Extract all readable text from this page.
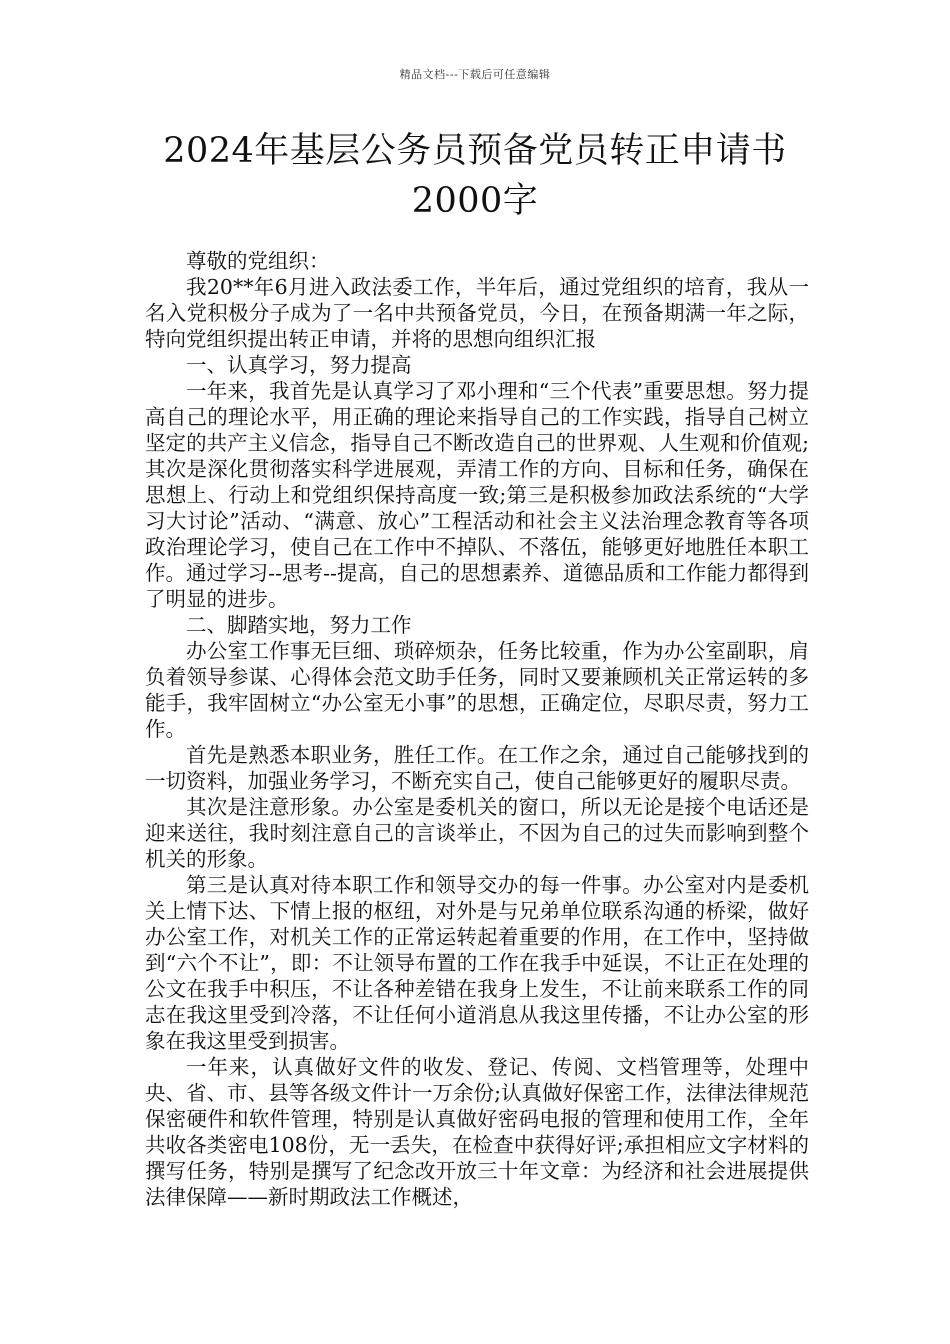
精品文档---下载后可任意编辑
2024年基层公务员预备党员转正申请书
2000字

尊敬的党组织：

我20**年6月进入政法委工作，半年后，通过党组织的培育，我从一名入党积极分子成为了一名中共预备党员，今日，在预备期满一年之际，特向党组织提出转正申请，并将的思想向组织汇报

一、认真学习，努力提高

一年来，我首先是认真学习了邓小理和“三个代表”重要思想。努力提高自己的理论水平，用正确的理论来指导自己的工作实践，指导自己树立坚定的共产主义信念，指导自己不断改造自己的世界观、人生观和价值观;其次是深化贯彻落实科学进展观，弄清工作的方向、目标和任务，确保在思想上、行动上和党组织保持高度一致;第三是积极参加政法系统的“大学习大讨论”活动、“满意、放心”工程活动和社会主义法治理念教育等各项政治理论学习，使自己在工作中不掉队、不落伍，能够更好地胜任本职工作。通过学习--思考--提高，自己的思想素养、道德品质和工作能力都得到了明显的进步。

二、脚踏实地，努力工作

办公室工作事无巨细、琐碎烦杂，任务比较重，作为办公室副职，肩负着领导参谋、心得体会范文助手任务，同时又要兼顾机关正常运转的多能手，我牢固树立“办公室无小事”的思想，正确定位，尽职尽责，努力工作。

首先是熟悉本职业务，胜任工作。在工作之余，通过自己能够找到的一切资料，加强业务学习，不断充实自己，使自己能够更好的履职尽责。

其次是注意形象。办公室是委机关的窗口，所以无论是接个电话还是迎来送往，我时刻注意自己的言谈举止，不因为自己的过失而影响到整个机关的形象。

第三是认真对待本职工作和领导交办的每一件事。办公室对内是委机关上情下达、下情上报的枢纽，对外是与兄弟单位联系沟通的桥梁，做好办公室工作，对机关工作的正常运转起着重要的作用，在工作中，坚持做到“六个不让”，即：不让领导布置的工作在我手中延误，不让正在处理的公文在我手中积压，不让各种差错在我身上发生，不让前来联系工作的同志在我这里受到冷落，不让任何小道消息从我这里传播，不让办公室的形象在我这里受到损害。

一年来，认真做好文件的收发、登记、传阅、文档管理等，处理中央、省、市、县等各级文件计一万余份;认真做好保密工作，法律法律规范保密硬件和软件管理，特别是认真做好密码电报的管理和使用工作，全年共收各类密电108份，无一丢失，在检查中获得好评;承担相应文字材料的撰写任务，特别是撰写了纪念改开放三十年文章：为经济和社会进展提供法律保障——新时期政法工作概述，
